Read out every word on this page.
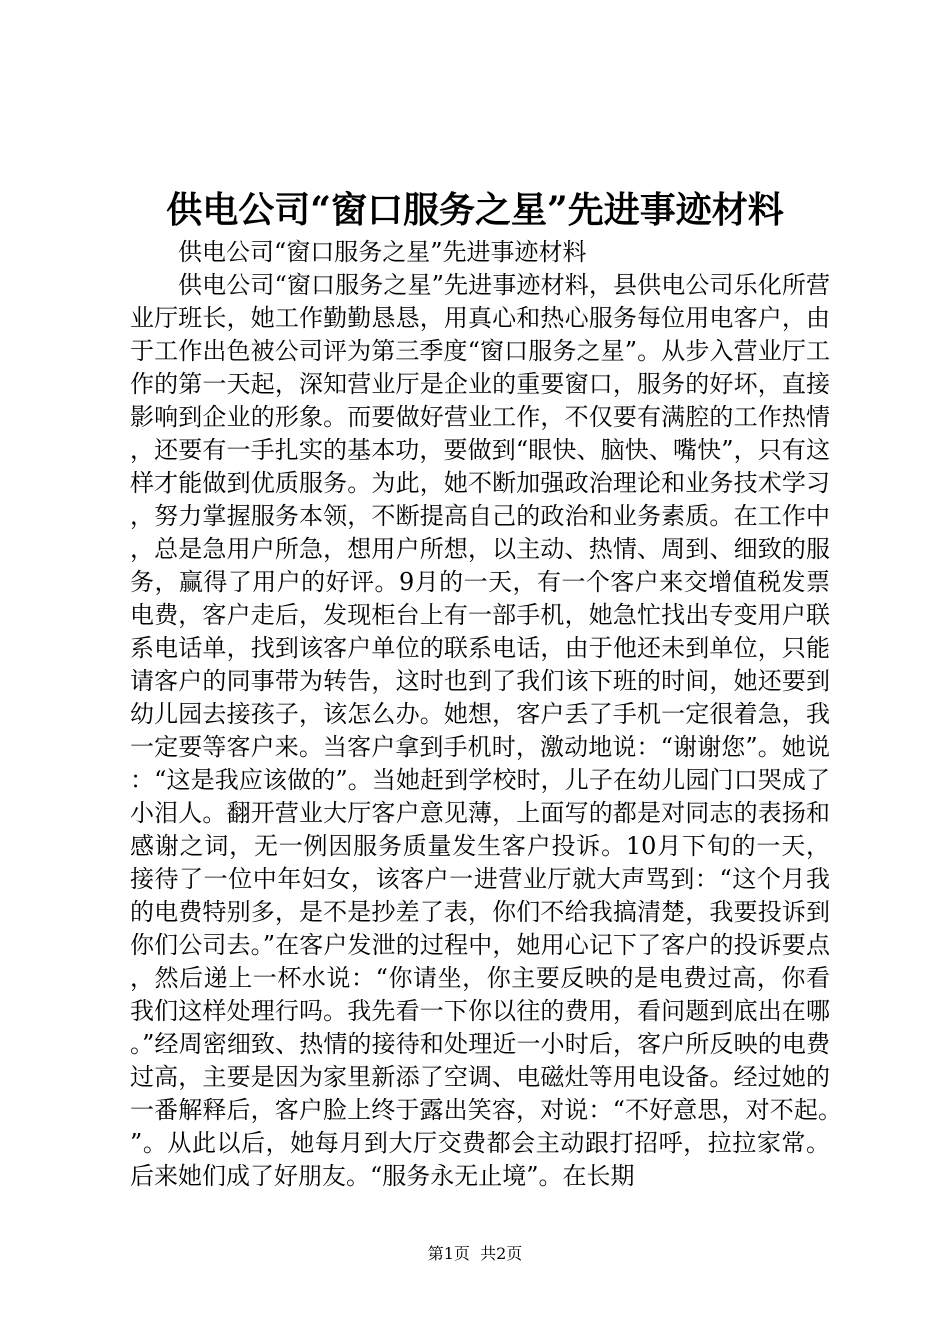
供电公司“窗口服务之星”先进事迹材料

供电公司“窗口服务之星”先进事迹材料

供电公司“窗口服务之星”先进事迹材料，县供电公司乐化所营业厅班长，她工作勤勤恳恳，用真心和热心服务每位用电客户，由于工作出色被公司评为第三季度“窗口服务之星”。从步入营业厅工作的第一天起，深知营业厅是企业的重要窗口，服务的好坏，直接影响到企业的形象。而要做好营业工作，不仅要有满腔的工作热情，还要有一手扎实的基本功，要做到“眼快、脑快、嘴快”，只有这样才能做到优质服务。为此，她不断加强政治理论和业务技术学习，努力掌握服务本领，不断提高自己的政治和业务素质。在工作中，总是急用户所急，想用户所想，以主动、热情、周到、细致的服务，赢得了用户的好评。9月的一天，有一个客户来交增值税发票电费，客户走后，发现柜台上有一部手机，她急忙找出专变用户联系电话单，找到该客户单位的联系电话，由于他还未到单位，只能请客户的同事带为转告，这时也到了我们该下班的时间，她还要到幼儿园去接孩子，该怎么办。她想，客户丢了手机一定很着急，我一定要等客户来。当客户拿到手机时，激动地说：“谢谢您”。她说：“这是我应该做的”。当她赶到学校时，儿子在幼儿园门口哭成了小泪人。翻开营业大厅客户意见薄，上面写的都是对同志的表扬和感谢之词，无一例因服务质量发生客户投诉。10月下旬的一天，接待了一位中年妇女，该客户一进营业厅就大声骂到：“这个月我的电费特别多，是不是抄差了表，你们不给我搞清楚，我要投诉到你们公司去。”在客户发泄的过程中，她用心记下了客户的投诉要点，然后递上一杯水说：“你请坐，你主要反映的是电费过高，你看我们这样处理行吗。我先看一下你以往的费用，看问题到底出在哪。”经周密细致、热情的接待和处理近一小时后，客户所反映的电费过高，主要是因为家里新添了空调、电磁灶等用电设备。经过她的一番解释后，客户脸上终于露出笑容，对说：“不好意思，对不起。”。从此以后，她每月到大厅交费都会主动跟打招呼，拉拉家常。后来她们成了好朋友。“服务永无止境”。在长期

第1页 共2页
